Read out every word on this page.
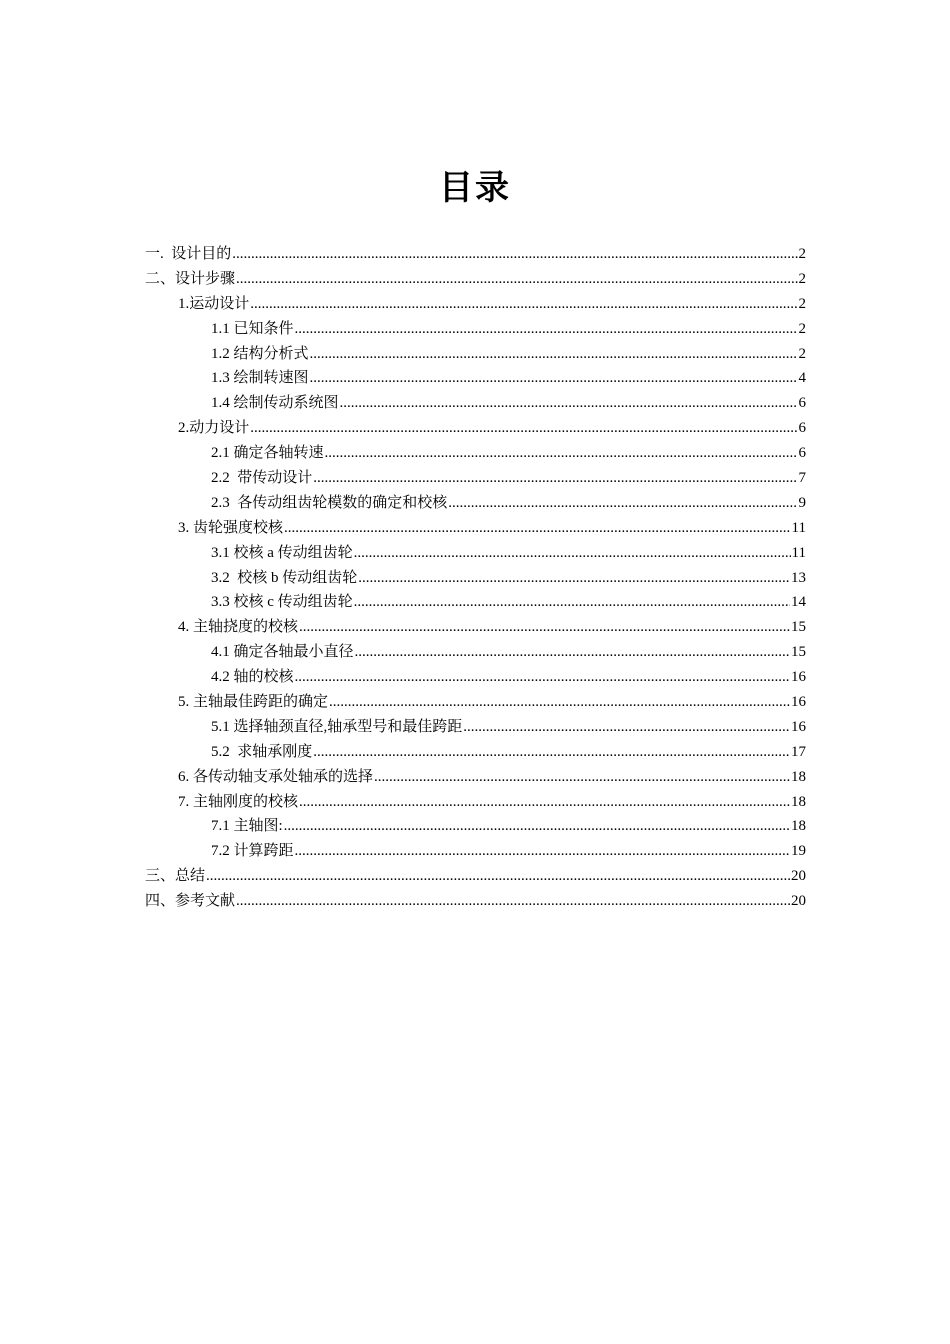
目录
一.  设计目的 .....	2
二、设计步骤 .....	2
1.运动设计 .....	2
1.1 已知条件 .....	2
1.2 结构分析式 .....	2
1.3 绘制转速图 .....	4
1.4 绘制传动系统图 .....	6
2.动力设计 .....	6
2.1 确定各轴转速 .....	6
2.2  带传动设计 .....	7
2.3  各传动组齿轮模数的确定和校核 .....	9
3. 齿轮强度校核 .....	11
3.1 校核 a 传动组齿轮 .....	11
3.2  校核 b 传动组齿轮 .....	13
3.3 校核 c 传动组齿轮 .....	14
4. 主轴挠度的校核 .....	15
4.1 确定各轴最小直径 .....	15
4.2 轴的校核 .....	16
5. 主轴最佳跨距的确定 .....	16
5.1 选择轴颈直径,轴承型号和最佳跨距 .....	16
5.2  求轴承刚度 .....	17
6. 各传动轴支承处轴承的选择 .....	18
7. 主轴刚度的校核 .....	18
7.1 主轴图: .....	18
7.2 计算跨距 .....	19
三、总结 .....	20
四、参考文献 .....	20
